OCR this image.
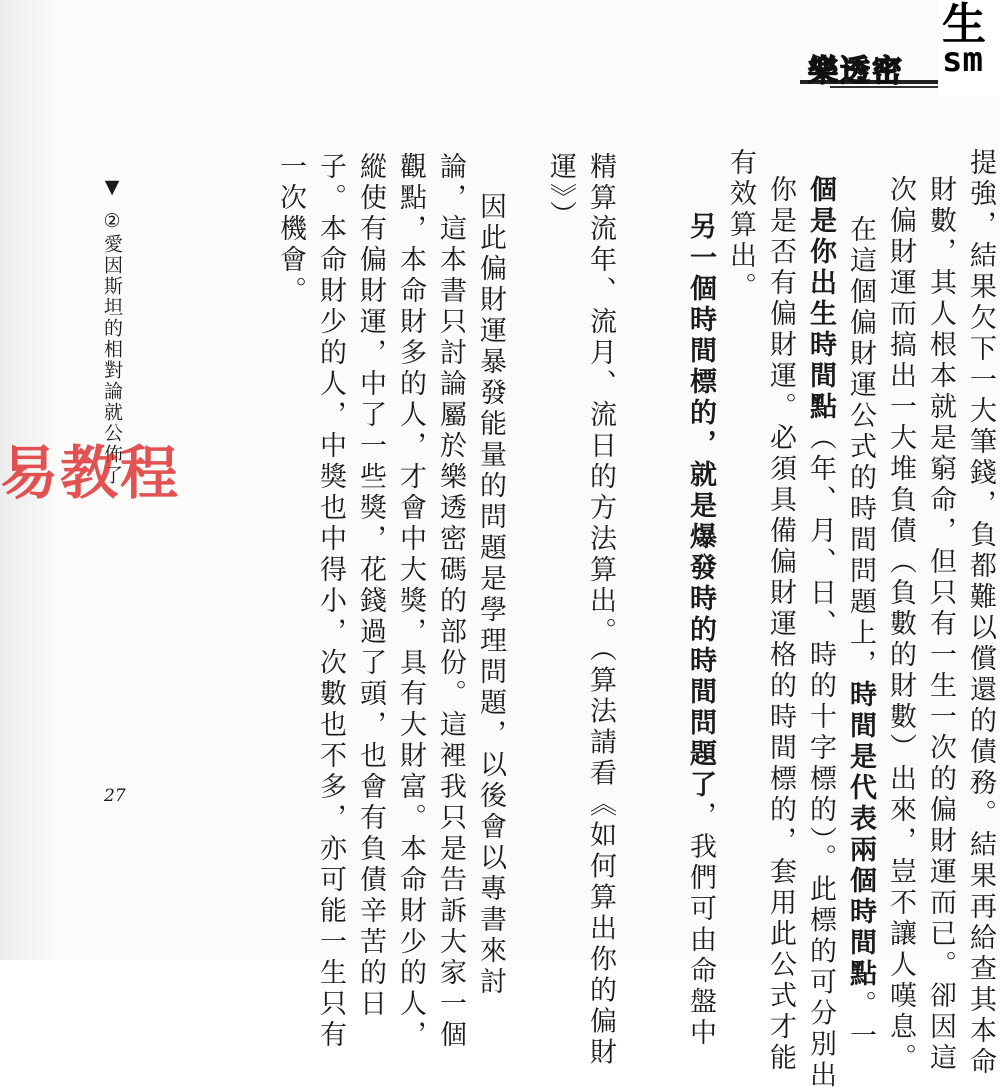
樂透密
生
sm
提強，結果欠下一大筆錢，負都難以償還的債務。結果再給查其本命
財數，其人根本就是窮命，但只有一生一次的偏財運而已。卻因這
次偏財運而搞出一大堆負債（負數的財數）出來，豈不讓人嘆息。
在這個偏財運公式的時間問題上，時間是代表兩個時間點。一
個是你出生時間點（年、月、日、時的十字標的）。此標的可分別出
你是否有偏財運。必須具備偏財運格的時間標的，套用此公式才能
有效算出。
另一個時間標的，就是爆發時的時間問題了，我們可由命盤中
精算流年、流月、流日的方法算出。（算法請看《如何算出你的偏財
運》）
因此偏財運暴發能量的問題是學理問題，以後會以專書來討
論，這本書只討論屬於樂透密碼的部份。這裡我只是告訴大家一個
觀點，本命財多的人，才會中大獎，具有大財富。本命財少的人，
縱使有偏財運，中了一些獎，花錢過了頭，也會有負債辛苦的日
子。本命財少的人，中獎也中得小，次數也不多，亦可能一生只有
一次機會。
▼②愛因斯坦的相對論就公佈了
27
易教程
